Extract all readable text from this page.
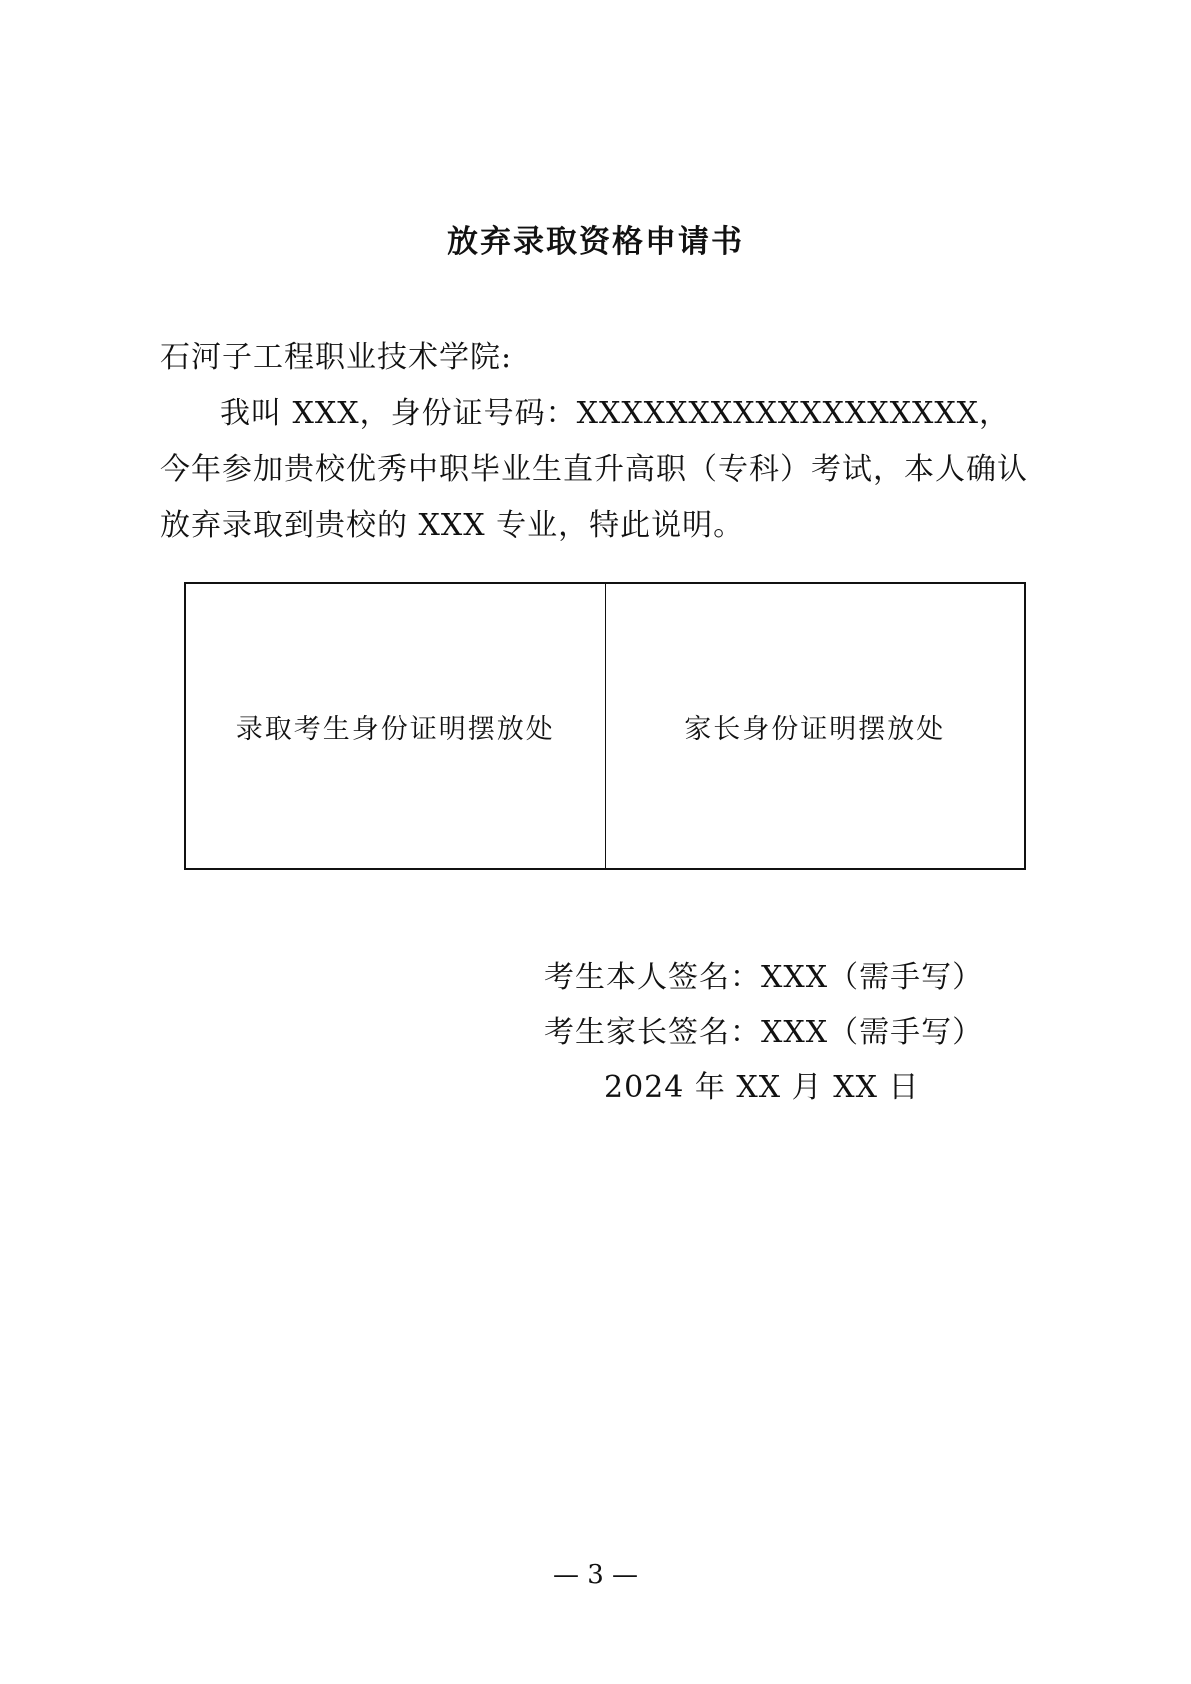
放弃录取资格申请书
石河子工程职业技术学院:
我叫 XXX，身份证号码：XXXXXXXXXXXXXXXXXX，今年参加贵校优秀中职毕业生直升高职（专科）考试，本人确认放弃录取到贵校的 XXX 专业，特此说明。
录取考生身份证明摆放处	家长身份证明摆放处
考生本人签名：XXX（需手写）
考生家长签名：XXX（需手写）
2024 年 XX 月 XX 日
— 3 —
